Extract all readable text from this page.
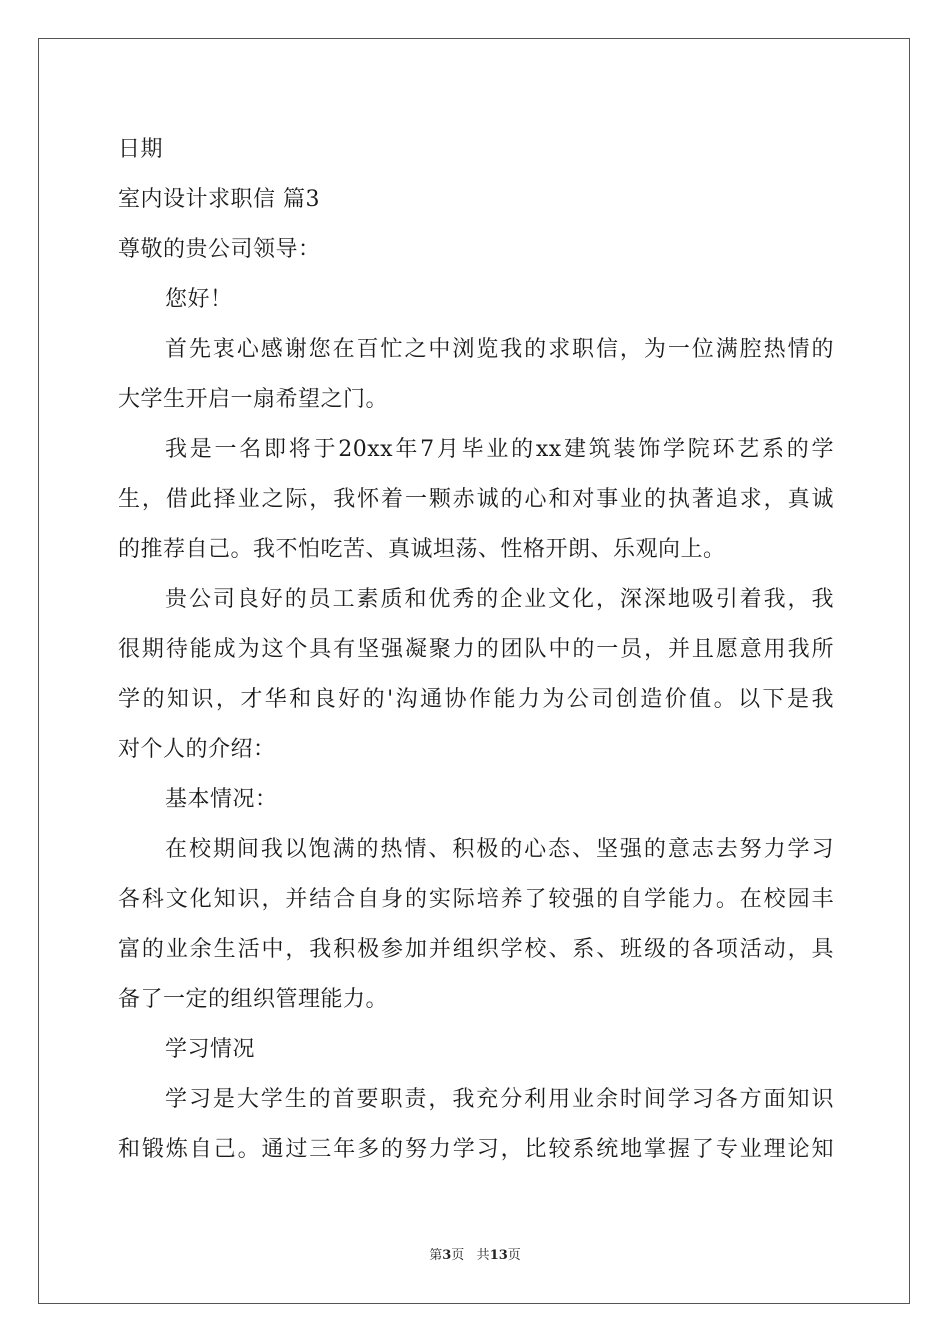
日期
室内设计求职信 篇3
尊敬的贵公司领导：
您好！
首先衷心感谢您在百忙之中浏览我的求职信，为一位满腔热情的
大学生开启一扇希望之门。
我是一名即将于20xx年7月毕业的xx建筑装饰学院环艺系的学
生，借此择业之际，我怀着一颗赤诚的心和对事业的执著追求，真诚
的推荐自己。我不怕吃苦、真诚坦荡、性格开朗、乐观向上。
贵公司良好的员工素质和优秀的企业文化，深深地吸引着我，我
很期待能成为这个具有坚强凝聚力的团队中的一员，并且愿意用我所
学的知识，才华和良好的'沟通协作能力为公司创造价值。以下是我
对个人的介绍：
基本情况：
在校期间我以饱满的热情、积极的心态、坚强的意志去努力学习
各科文化知识，并结合自身的实际培养了较强的自学能力。在校园丰
富的业余生活中，我积极参加并组织学校、系、班级的各项活动，具
备了一定的组织管理能力。
学习情况
学习是大学生的首要职责，我充分利用业余时间学习各方面知识
和锻炼自己。通过三年多的努力学习，比较系统地掌握了专业理论知
第3页 共13页
